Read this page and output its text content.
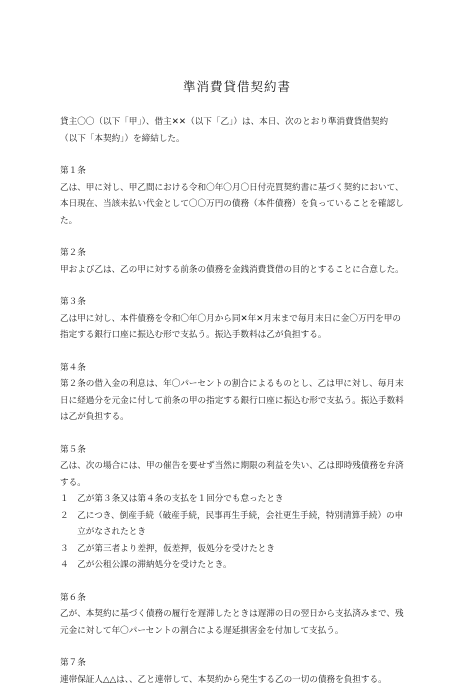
準消費貸借契約書

貸主〇〇（以下「甲」）、借主✕✕（以下「乙」）は、本日、次のとおり準消費貸借契約

（以下「本契約」）を締結した。

第１条

乙は、甲に対し、甲乙間における令和〇年〇月〇日付売買契約書に基づく契約において、

本日現在、当該未払い代金として〇〇万円の債務（本件債務）を負っていることを確認し

た。

第２条

甲および乙は、乙の甲に対する前条の債務を金銭消費貸借の目的とすることに合意した。

第３条

乙は甲に対し、本件債務を令和〇年〇月から同✕年✕月末まで毎月末日に金〇万円を甲の

指定する銀行口座に振込む形で支払う。振込手数料は乙が負担する。

第４条

第２条の借入金の利息は、年〇パーセントの割合によるものとし、乙は甲に対し、毎月末

日に経過分を元金に付して前条の甲の指定する銀行口座に振込む形で支払う。振込手数料

は乙が負担する。

第５条

乙は、次の場合には、甲の催告を要せず当然に期限の利益を失い、乙は即時残債務を弁済

する。

１　乙が第３条又は第４条の支払を１回分でも怠ったとき

２　乙につき、倒産手続（破産手続，民事再生手続，会社更生手続，特別清算手続）の申

　　立がなされたとき

３　乙が第三者より差押，仮差押，仮処分を受けたとき

４　乙が公租公課の滞納処分を受けたとき。

第６条

乙が、本契約に基づく債務の履行を遅滞したときは遅滞の日の翌日から支払済みまで、残

元金に対して年〇パーセントの割合による遅延損害金を付加して支払う。

第７条

連帯保証人△△は、、乙と連帯して、本契約から発生する乙の一切の債務を負担する。
